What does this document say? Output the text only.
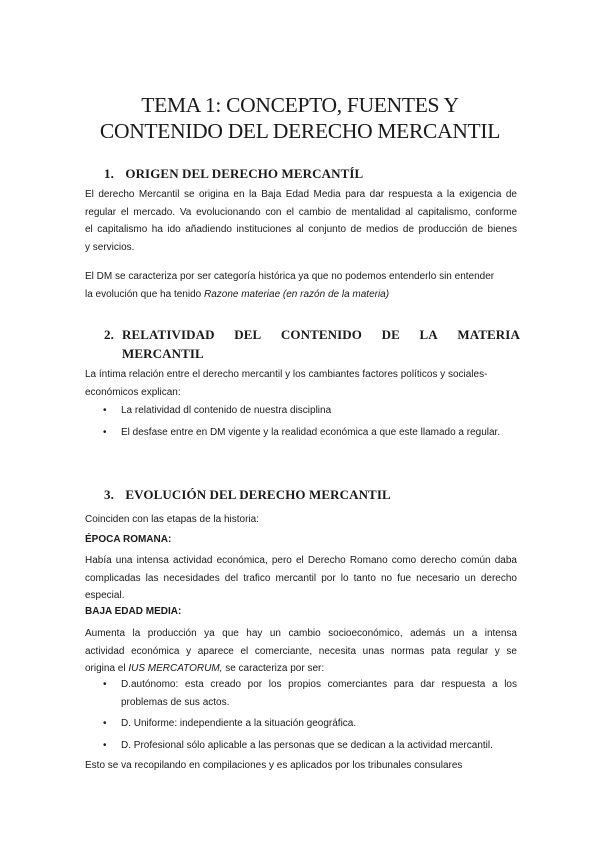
TEMA 1: CONCEPTO, FUENTES Y
CONTENIDO DEL DERECHO MERCANTIL
1. ORIGEN DEL DERECHO MERCANTÍL
El derecho Mercantil se origina en la Baja Edad Media para dar respuesta a la exigencia de
regular el mercado. Va evolucionando con el cambio de mentalidad al capitalismo, conforme
el capitalismo ha ido añadiendo instituciones al conjunto de medios de producción de bienes
y servicios.
El DM se caracteriza por ser categoría histórica ya que no podemos entenderlo sin entender
la evolución que ha tenido Razone materiae (en razón de la materia)
2. RELATIVIDAD DEL CONTENIDO DE LA MATERIA
MERCANTIL
La íntima relación entre el derecho mercantil y los cambiantes factores políticos y sociales-
económicos explican:
• La relatividad dl contenido de nuestra disciplina
• El desfase entre en DM vigente y la realidad económica a que este llamado a regular.
3. EVOLUCIÓN DEL DERECHO MERCANTIL
Coinciden con las etapas de la historia:
ÉPOCA ROMANA:
Había una intensa actividad económica, pero el Derecho Romano como derecho común daba
complicadas las necesidades del trafico mercantil por lo tanto no fue necesario un derecho
especial.
BAJA EDAD MEDIA:
Aumenta la producción ya que hay un cambio socioeconómico, además un a intensa
actividad económica y aparece el comerciante, necesita unas normas pata regular y se
origina el IUS MERCATORUM, se caracteriza por ser:
• D.autónomo: esta creado por los propios comerciantes para dar respuesta a los
problemas de sus actos.
• D. Uniforme: independiente a la situación geográfica.
• D. Profesional sólo aplicable a las personas que se dedican a la actividad mercantil.
Esto se va recopilando en compilaciones y es aplicados por los tribunales consulares
